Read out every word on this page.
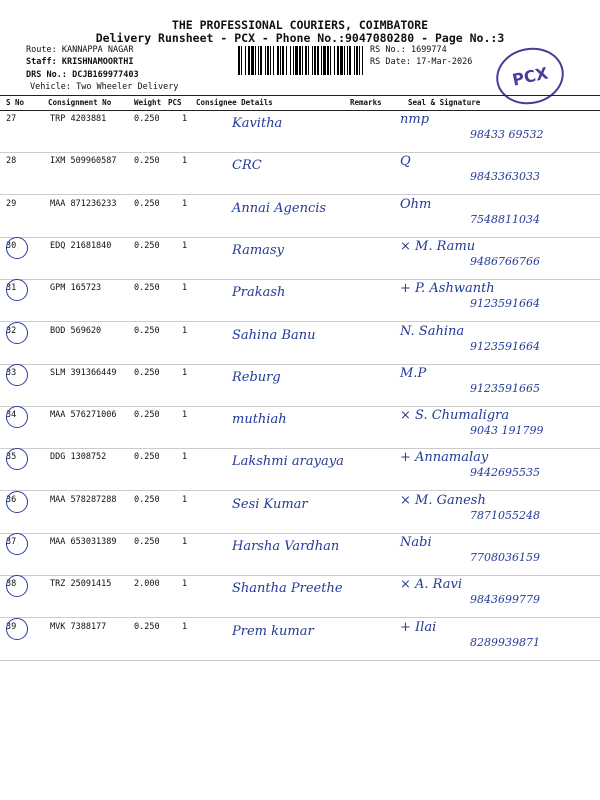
THE PROFESSIONAL COURIERS, COIMBATORE
Delivery Runsheet - PCX - Phone No.:9047080280 - Page No.:3
Route: KANNAPPA NAGAR
Staff: KRISHNAMOORTHI
DRS No.: DCJB169977403
Vehicle: Two Wheeler Delivery
RS No.: 1699774
RS Date: 17-Mar-2026
PCX
S No	Consignment No	Weight PCS Consignee Details	Remarks	Seal & Signature
27	TRP 4203881	0.250	1	Kavitha	nmp
98433 69532
28	IXM 509960587 0.250	1	CRC	Q
9843363033
29	MAA 871236233 0.250	1	Annai Agencis	Ohm
7548811034
30	EDQ 21681840	0.250	1	Ramasy	× M. Ramu
9486766766
31	GPM 165723	0.250	1	Prakash	+ P. Ashwanth
9123591664
32	BOD 569620	0.250	1	Sahina Banu	N. Sahina
9123591664
33	SLM 391366449 0.250	1	Reburg	M.P
9123591665
34	MAA 576271006 0.250	1	muthiah	× S. Chumaligra
9043 191799
35	DDG 1308752	0.250	1	Lakshmi arayaya	+ Annamalay
9442695535
36	MAA 578287288 0.250	1	Sesi Kumar	× M. Ganesh
7871055248
37	MAA 653031389 0.250	1	Harsha Vardhan	Nabi
7708036159
38	TRZ 25091415	2.000	1	Shantha Preethe	× A. Ravi
9843699779
39	MVK 7388177	0.250	1	Prem kumar	+ Ilai
8289939871
